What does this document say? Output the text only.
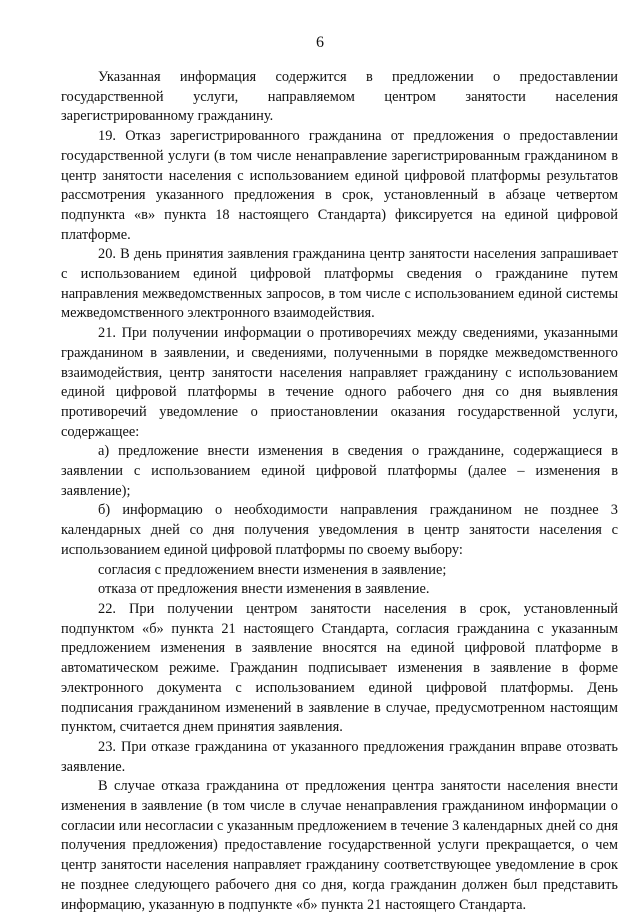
6

Указанная информация содержится в предложении о предоставлении государственной услуги, направляемом центром занятости населения зарегистрированному гражданину.

19. Отказ зарегистрированного гражданина от предложения о предоставлении государственной услуги (в том числе ненаправление зарегистрированным гражданином в центр занятости населения с использованием единой цифровой платформы результатов рассмотрения указанного предложения в срок, установленный в абзаце четвертом подпункта «в» пункта 18 настоящего Стандарта) фиксируется на единой цифровой платформе.

20. В день принятия заявления гражданина центр занятости населения запрашивает с использованием единой цифровой платформы сведения о гражданине путем направления межведомственных запросов, в том числе с использованием единой системы межведомственного электронного взаимодействия.

21. При получении информации о противоречиях между сведениями, указанными гражданином в заявлении, и сведениями, полученными в порядке межведомственного взаимодействия, центр занятости населения направляет гражданину с использованием единой цифровой платформы в течение одного рабочего дня со дня выявления противоречий уведомление о приостановлении оказания государственной услуги, содержащее:

а) предложение внести изменения в сведения о гражданине, содержащиеся в заявлении с использованием единой цифровой платформы (далее – изменения в заявление);

б) информацию о необходимости направления гражданином не позднее 3 календарных дней со дня получения уведомления в центр занятости населения с использованием единой цифровой платформы по своему выбору:

согласия с предложением внести изменения в заявление;

отказа от предложения внести изменения в заявление.

22. При получении центром занятости населения в срок, установленный подпунктом «б» пункта 21 настоящего Стандарта, согласия гражданина с указанным предложением изменения в заявление вносятся на единой цифровой платформе в автоматическом режиме. Гражданин подписывает изменения в заявление в форме электронного документа с использованием единой цифровой платформы. День подписания гражданином изменений в заявление в случае, предусмотренном настоящим пунктом, считается днем принятия заявления.

23. При отказе гражданина от указанного предложения гражданин вправе отозвать заявление.

В случае отказа гражданина от предложения центра занятости населения внести изменения в заявление (в том числе в случае ненаправления гражданином информации о согласии или несогласии с указанным предложением в течение 3 календарных дней со дня получения предложения) предоставление государственной услуги прекращается, о чем центр занятости населения направляет гражданину соответствующее уведомление в срок не позднее следующего рабочего дня со дня, когда гражданин должен был представить информацию, указанную в подпункте «б» пункта 21 настоящего Стандарта.
